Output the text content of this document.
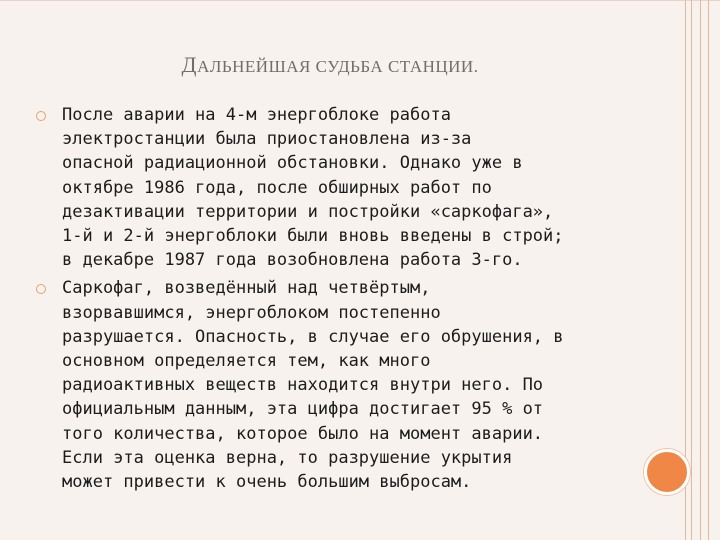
ДАЛЬНЕЙШАЯ СУДЬБА СТАНЦИИ.
После аварии на 4-м энергоблоке работа
электростанции была приостановлена из-за
опасной радиационной обстановки. Однако уже в
октябре 1986 года, после обширных работ по
дезактивации территории и постройки «саркофага»,
1-й и 2-й энергоблоки были вновь введены в строй;
в декабре 1987 года возобновлена работа 3-го.
Саркофаг, возведённый над четвёртым,
взорвавшимся, энергоблоком постепенно
разрушается. Опасность, в случае его обрушения, в
основном определяется тем, как много
радиоактивных веществ находится внутри него. По
официальным данным, эта цифра достигает 95 % от
того количества, которое было на момент аварии.
Если эта оценка верна, то разрушение укрытия
может привести к очень большим выбросам.
